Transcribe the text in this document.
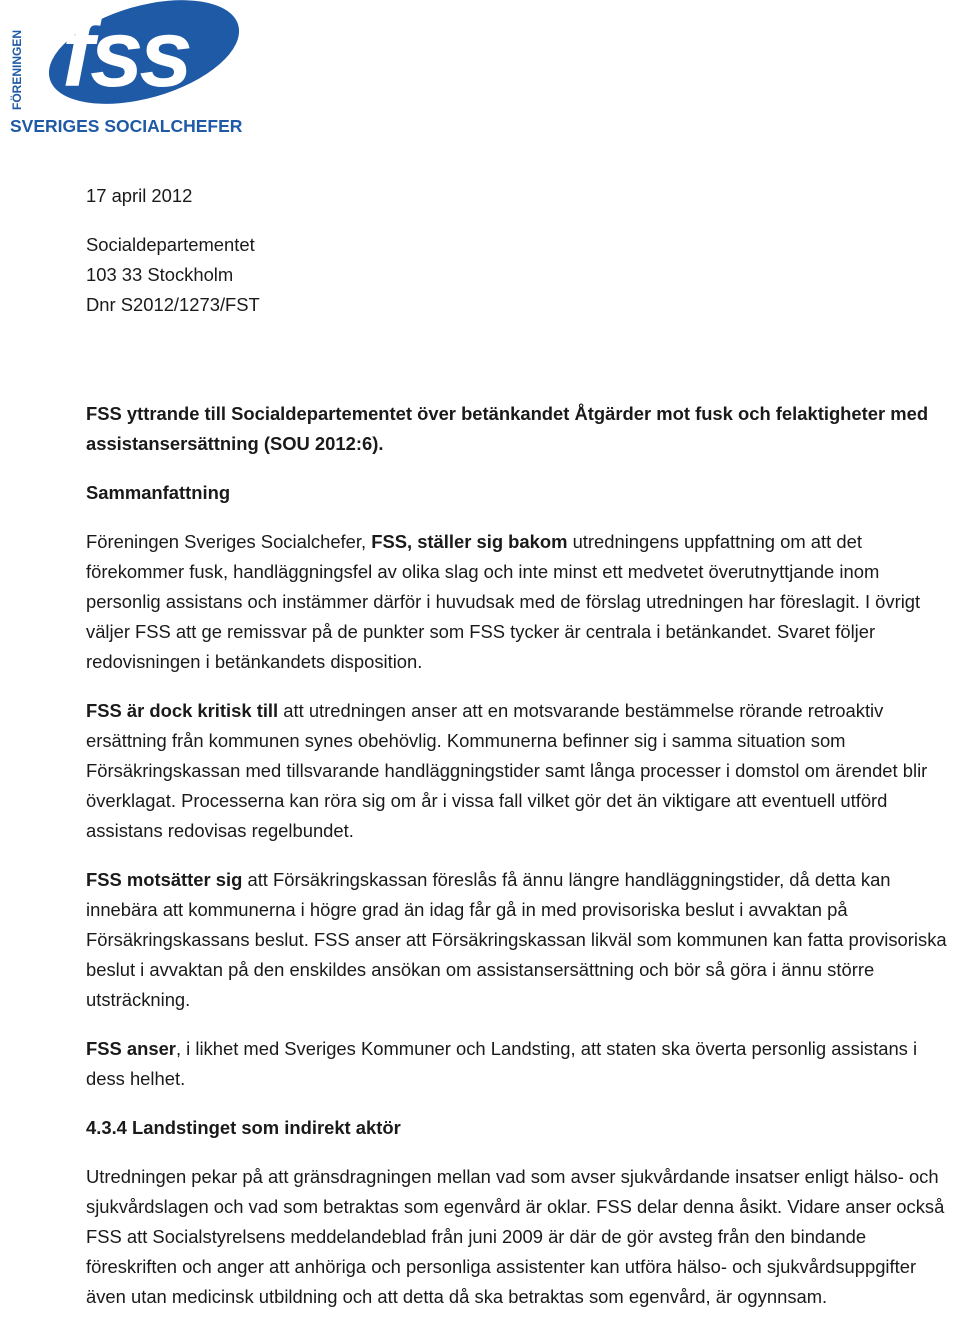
fss
FÖRENINGEN
SVERIGES SOCIALCHEFER

17 april 2012

Socialdepartementet
103 33 Stockholm
Dnr S2012/1273/FST

FSS yttrande till Socialdepartementet över betänkandet Åtgärder mot fusk och felaktigheter med assistansersättning (SOU 2012:6).

Sammanfattning

Föreningen Sveriges Socialchefer, FSS, ställer sig bakom utredningens uppfattning om att det förekommer fusk, handläggningsfel av olika slag och inte minst ett medvetet överutnyttjande inom personlig assistans och instämmer därför i huvudsak med de förslag utredningen har föreslagit. I övrigt väljer FSS att ge remissvar på de punkter som FSS tycker är centrala i betänkandet. Svaret följer redovisningen i betänkandets disposition.

FSS är dock kritisk till att utredningen anser att en motsvarande bestämmelse rörande retroaktiv ersättning från kommunen synes obehövlig. Kommunerna befinner sig i samma situation som Försäkringskassan med tillsvarande handläggningstider samt långa processer i domstol om ärendet blir överklagat. Processerna kan röra sig om år i vissa fall vilket gör det än viktigare att eventuell utförd assistans redovisas regelbundet.

FSS motsätter sig att Försäkringskassan föreslås få ännu längre handläggningstider, då detta kan innebära att kommunerna i högre grad än idag får gå in med provisoriska beslut i avvaktan på Försäkringskassans beslut. FSS anser att Försäkringskassan likväl som kommunen kan fatta provisoriska beslut i avvaktan på den enskildes ansökan om assistansersättning och bör så göra i ännu större utsträckning.

FSS anser, i likhet med Sveriges Kommuner och Landsting, att staten ska överta personlig assistans i dess helhet.

4.3.4 Landstinget som indirekt aktör

Utredningen pekar på att gränsdragningen mellan vad som avser sjukvårdande insatser enligt hälso- och sjukvårdslagen och vad som betraktas som egenvård är oklar. FSS delar denna åsikt. Vidare anser också FSS att Socialstyrelsens meddelandeblad från juni 2009 är där de gör avsteg från den bindande föreskriften och anger att anhöriga och personliga assistenter kan utföra hälso- och sjukvårdsuppgifter även utan medicinsk utbildning och att detta då ska betraktas som egenvård, är ogynnsam.
